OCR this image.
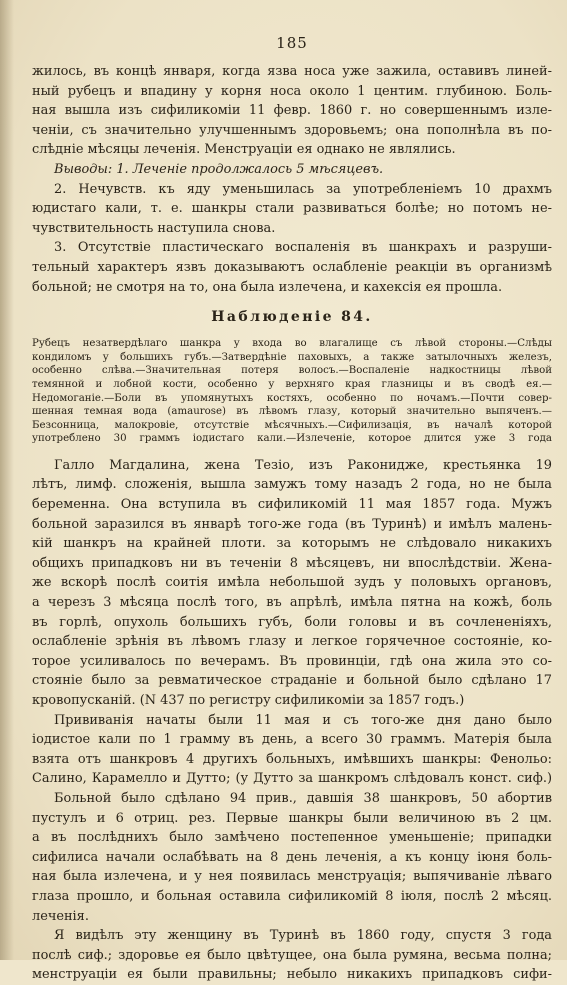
185
жилось, въ концѣ января, когда язва носа уже зажила, оставивъ линей-
ный рубецъ и впадину у корня носа около 1 центим. глубиною. Боль-
ная вышла изъ сифиликоміи 11 февр. 1860 г. но совершеннымъ изле-
ченіи, съ значительно улучшеннымъ здоровьемъ; она пополнѣла въ по-
слѣдніе мѣсяцы леченія. Менструаціи ея однако не являлись.
Выводы: 1. Леченіе продолжалось 5 мѣсяцевъ.
2. Нечувств. къ яду уменьшилась за употребленіемъ 10 драхмъ
юдистаго кали, т. е. шанкры стали развиваться болѣе; но потомъ не-
чувствительность наступила снова.
3. Отсутствіе пластическаго воспаленія въ шанкрахъ и разруши-
тельный характеръ язвъ доказываютъ ослабленіе реакціи въ организмѣ
больной; не смотря на то, она была излечена, и кахексія ея прошла.
Наблюденіе 84.
Рубецъ незатвердѣлаго шанкра у входа во влагалище съ лѣвой стороны.—Слѣды
кондиломъ у большихъ губъ.—Затвердѣніе паховыхъ, а также затылочныхъ железъ,
особенно слѣва.—Значительная потеря волосъ.—Воспаленіе надкостницы лѣвой
темянной и лобной кости, особенно у верхняго края глазницы и въ сводѣ ея.—
Недомоганіе.—Боли въ упомянутыхъ костяхъ, особенно по ночамъ.—Почти совер-
шенная темная вода (amaurose) въ лѣвомъ глазу, который значительно выпяченъ.—
Безсонница, малокровіе, отсутствіе мѣсячныхъ.—Сифилизація, въ началѣ которой
употреблено 30 граммъ іодистаго кали.—Излеченіе, которое длится уже 3 года
Галло Магдалина, жена Тезіо, изъ Раконидже, крестьянка 19
лѣтъ, лимф. сложенія, вышла замужъ тому назадъ 2 года, но не была
беременна. Она вступила въ сифиликомій 11 мая 1857 года. Мужъ
больной заразился въ январѣ того-же года (въ Туринѣ) и имѣлъ малень-
кій шанкръ на крайней плоти. за которымъ не слѣдовало никакихъ
общихъ припадковъ ни въ теченіи 8 мѣсяцевъ, ни впослѣдствіи. Жена-
же вскорѣ послѣ соитія имѣла небольшой зудъ у половыхъ органовъ,
а черезъ 3 мѣсяца послѣ того, въ апрѣлѣ, имѣла пятна на кожѣ, боль
въ горлѣ, опухоль большихъ губъ, боли головы и въ сочлененіяхъ,
ослабленіе зрѣнія въ лѣвомъ глазу и легкое горячечное состояніе, ко-
торое усиливалось по вечерамъ. Въ провинціи, гдѣ она жила это со-
стояніе было за ревматическое страданіе и больной было сдѣлано 17
кровопусканій. (N 437 по регистру сифиликоміи за 1857 годъ.)
Прививанія начаты были 11 мая и съ того-же дня дано было
іодистое кали по 1 грамму въ день, а всего 30 граммъ. Матерія была
взята отъ шанкровъ 4 другихъ больныхъ, имѣвшихъ шанкры: Фенольо:
Салино, Карамелло и Дутто; (у Дутто за шанкромъ слѣдовалъ конст. сиф.)
Больной было сдѣлано 94 прив., давшія 38 шанкровъ, 50 абортив
пустулъ и 6 отриц. рез. Первые шанкры были величиною въ 2 цм.
а въ послѣднихъ было замѣчено постепенное уменьшеніе; припадки
сифилиса начали ослабѣвать на 8 день леченія, а къ концу іюня боль-
ная была излечена, и у нея появилась менструація; выпячиваніе лѣваго
глаза прошло, и больная оставила сифиликомій 8 іюля, послѣ 2 мѣсяц.
леченія.
Я видѣлъ эту женщину въ Туринѣ въ 1860 году, спустя 3 года
послѣ сиф.; здоровье ея было цвѣтущее, она была румяна, весьма полна;
менструаціи ея были правильны; небыло никакихъ припадковъ сифи-
